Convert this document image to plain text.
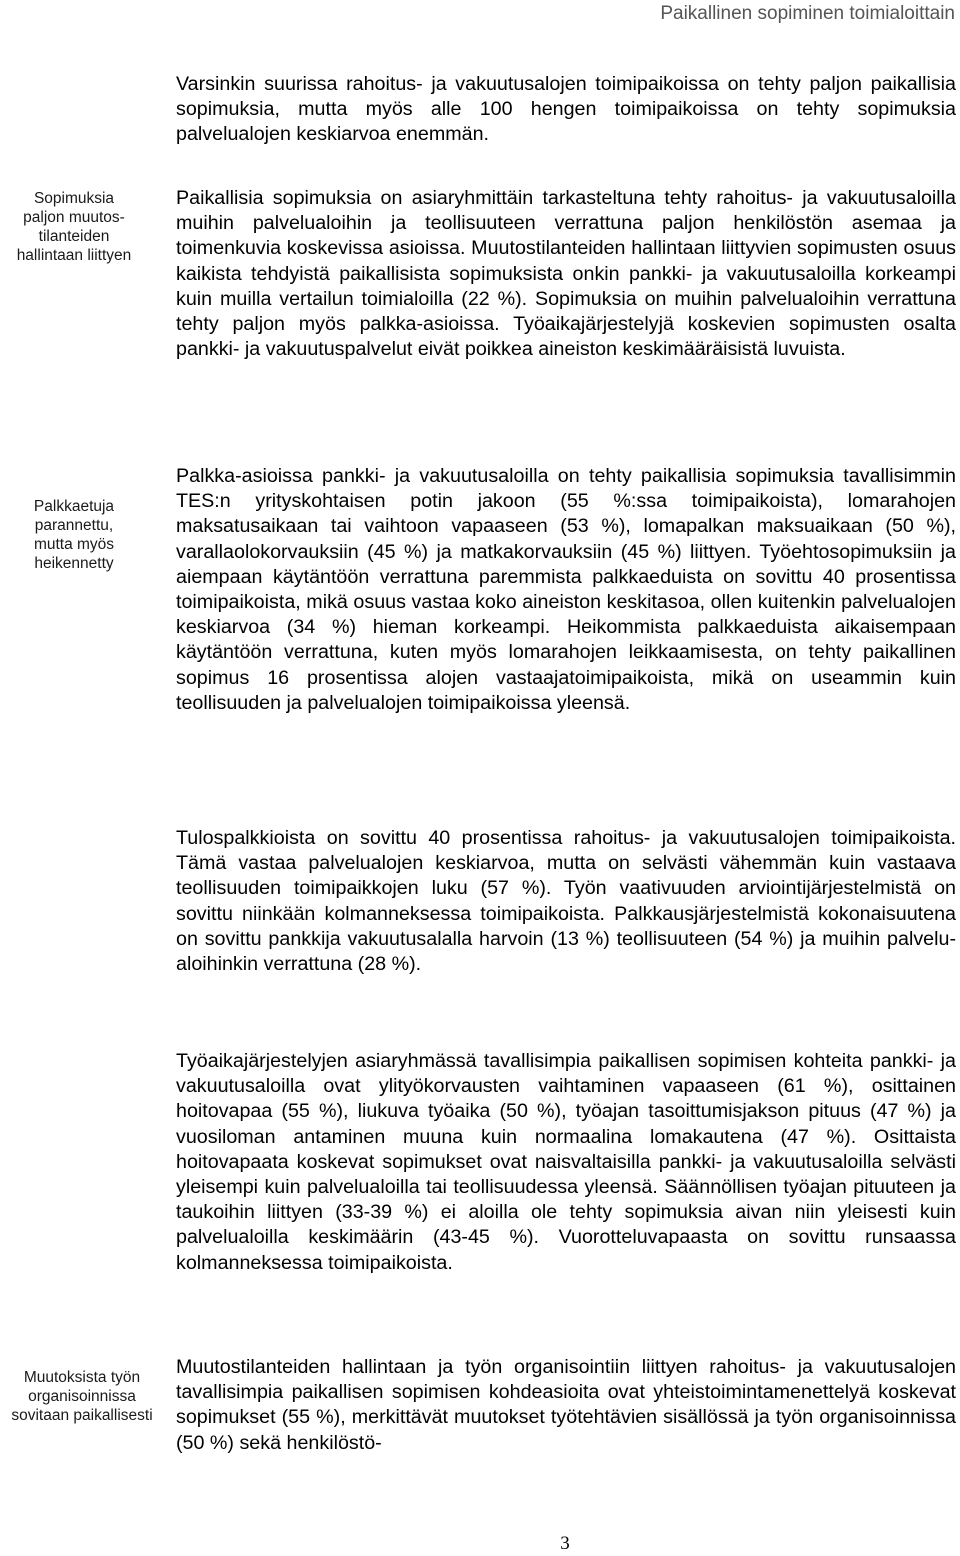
Paikallinen sopiminen toimialoittain
Sopimuksia paljon muutostilanteiden hallintaan liittyen
Palkkaetuja parannettu, mutta myös heikennetty
Muutoksista työn organisoinnissa sovitaan paikallisesti

Varsinkin suurissa rahoitus- ja vakuutusalojen toimipaikoissa on tehty paljon paikallisia sopimuksia, mutta myös alle 100 hengen toimipaikoissa on tehty sopimuksia palvelualojen keskiarvoa enemmän.

Paikallisia sopimuksia on asiaryhmittäin tarkasteltuna tehty rahoitus- ja vakuutusaloilla muihin palvelualoihin ja teollisuuteen verrattuna paljon henkilöstön asemaa ja toimenkuvia koskevissa asioissa. Muutostilanteiden hallintaan liittyvien sopimusten osuus kaikista tehdyistä paikallisista sopimuksista onkin pankki- ja vakuutusaloilla korkeampi kuin muilla vertailun toimialoilla (22 %). Sopimuksia on muihin palvelualoihin verrattuna tehty paljon myös palkka-asioissa. Työaikajärjestelyjä koskevien sopimusten osalta pankki- ja vakuutuspalvelut eivät poikkea aineiston keskimääräisistä luvuista.

Palkka-asioissa pankki- ja vakuutusaloilla on tehty paikallisia sopimuksia tavallisimmin TES:n yrityskohtaisen potin jakoon (55 %:ssa toimipaikoista), lomarahojen maksatusaikaan tai vaihtoon vapaaseen (53 %), lomapalkan maksuaikaan (50 %), varallaolokorvauksiin (45 %) ja matkakorvauksiin (45 %) liittyen. Työehtosopimuksiin ja aiempaan käytäntöön verrattuna paremmista palkkaeduista on sovittu 40 prosentissa toimipaikoista, mikä osuus vastaa koko aineiston keskitasoa, ollen kuitenkin palvelualojen keskiarvoa (34 %) hieman korkeampi. Heikommista palkkaeduista aikaisempaan käytäntöön verrattuna, kuten myös lomarahojen leikkaamisesta, on tehty paikallinen sopimus 16 prosentissa alojen vastaajatoimipaikoista, mikä on useammin kuin teollisuuden ja palvelualojen toimipaikoissa yleensä.

Tulospalkkioista on sovittu 40 prosentissa rahoitus- ja vakuutusalojen toimipaikoista. Tämä vastaa palvelualojen keskiarvoa, mutta on selvästi vähemmän kuin vastaava teollisuuden toimipaikkojen luku (57 %). Työn vaativuuden arviointijärjestelmistä on sovittu niinkään kolmanneksessa toimipaikoista. Palkkausjärjestelmistä kokonaisuutena on sovittu pankkija vakuutusalalla harvoin (13 %) teollisuuteen (54 %) ja muihin palvelualoihinkin verrattuna (28 %).

Työaikajärjestelyjen asiaryhmässä tavallisimpia paikallisen sopimisen kohteita pankki- ja vakuutusaloilla ovat ylityökorvausten vaihtaminen vapaaseen (61 %), osittainen hoitovapaa (55 %), liukuva työaika (50 %), työajan tasoittumisjakson pituus (47 %) ja vuosiloman antaminen muuna kuin normaalina lomakautena (47 %). Osittaista hoitovapaata koskevat sopimukset ovat naisvaltaisilla pankki- ja vakuutusaloilla selvästi yleisempi kuin palvelualoilla tai teollisuudessa yleensä. Säännöllisen työajan pituuteen ja taukoihin liittyen (33-39 %) ei aloilla ole tehty sopimuksia aivan niin yleisesti kuin palvelualoilla keskimäärin (43-45 %). Vuorotteluvapaasta on sovittu runsaassa kolmanneksessa toimipaikoista.

Muutostilanteiden hallintaan ja työn organisointiin liittyen rahoitus- ja vakuutusalojen tavallisimpia paikallisen sopimisen kohdeasioita ovat yhteistoimintamenettelyä koskevat sopimukset (55 %), merkittävät muutokset työtehtävien sisällössä ja työn organisoinnissa (50 %) sekä henkilöstö-

3
